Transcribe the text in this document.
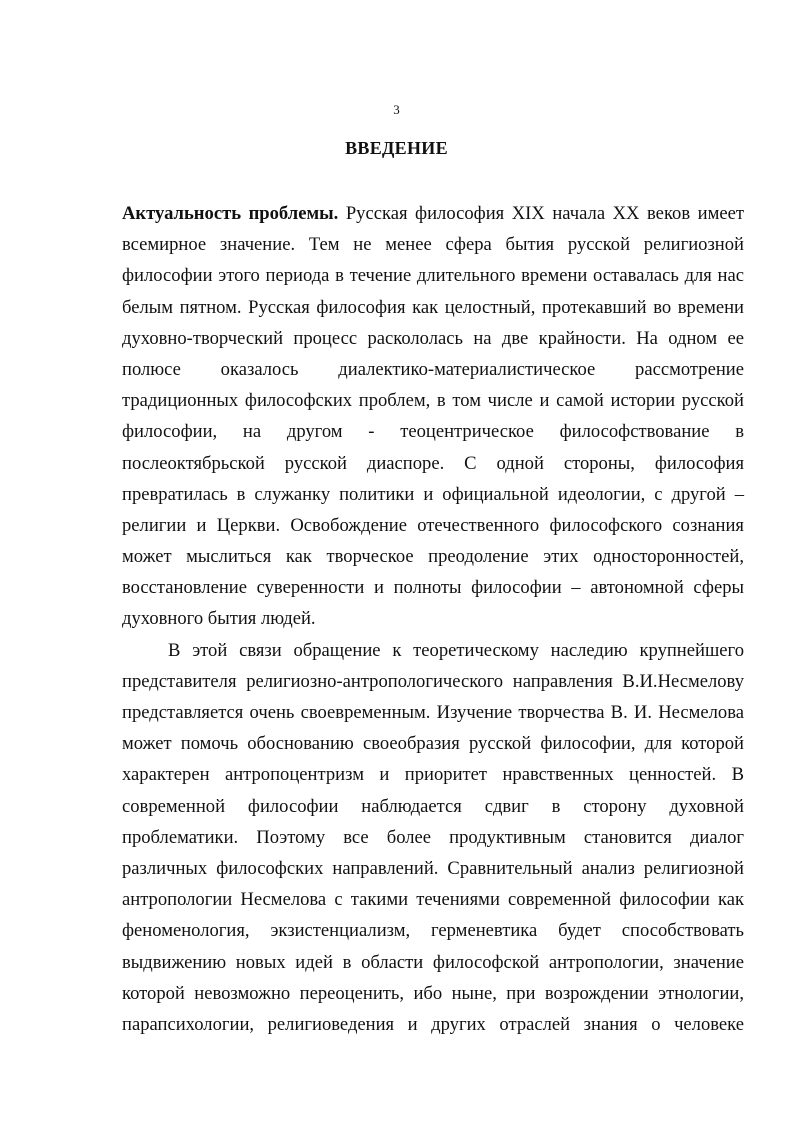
3
ВВЕДЕНИЕ
Актуальность проблемы. Русская философия XIX начала XX веков имеет
всемирное значение. Тем не менее сфера бытия русской религиозной
философии этого периода в течение длительного времени оставалась для нас
белым пятном. Русская философия как целостный, протекавший во времени
духовно-творческий процесс раскололась на две крайности. На одном ее
полюсе оказалось диалектико-материалистическое рассмотрение
традиционных философских проблем, в том числе и самой истории русской
философии, на другом - теоцентрическое философствование в
послеоктябрьской русской диаспоре. С одной стороны, философия
превратилась в служанку политики и официальной идеологии, с другой –
религии и Церкви. Освобождение отечественного философского сознания
может мыслиться как творческое преодоление этих односторонностей,
восстановление суверенности и полноты философии – автономной сферы
духовного бытия людей.
В этой связи обращение к теоретическому наследию крупнейшего
представителя религиозно-антропологического направления В.И.Несмелову
представляется очень своевременным. Изучение творчества В. И. Несмелова
может помочь обоснованию своеобразия русской философии, для которой
характерен антропоцентризм и приоритет нравственных ценностей. В
современной философии наблюдается сдвиг в сторону духовной
проблематики. Поэтому все более продуктивным становится диалог
различных философских направлений. Сравнительный анализ религиозной
антропологии Несмелова с такими течениями современной философии как
феноменология, экзистенциализм, герменевтика будет способствовать
выдвижению новых идей в области философской антропологии, значение
которой невозможно переоценить, ибо ныне, при возрождении этнологии,
парапсихологии, религиоведения и других отраслей знания о человеке
